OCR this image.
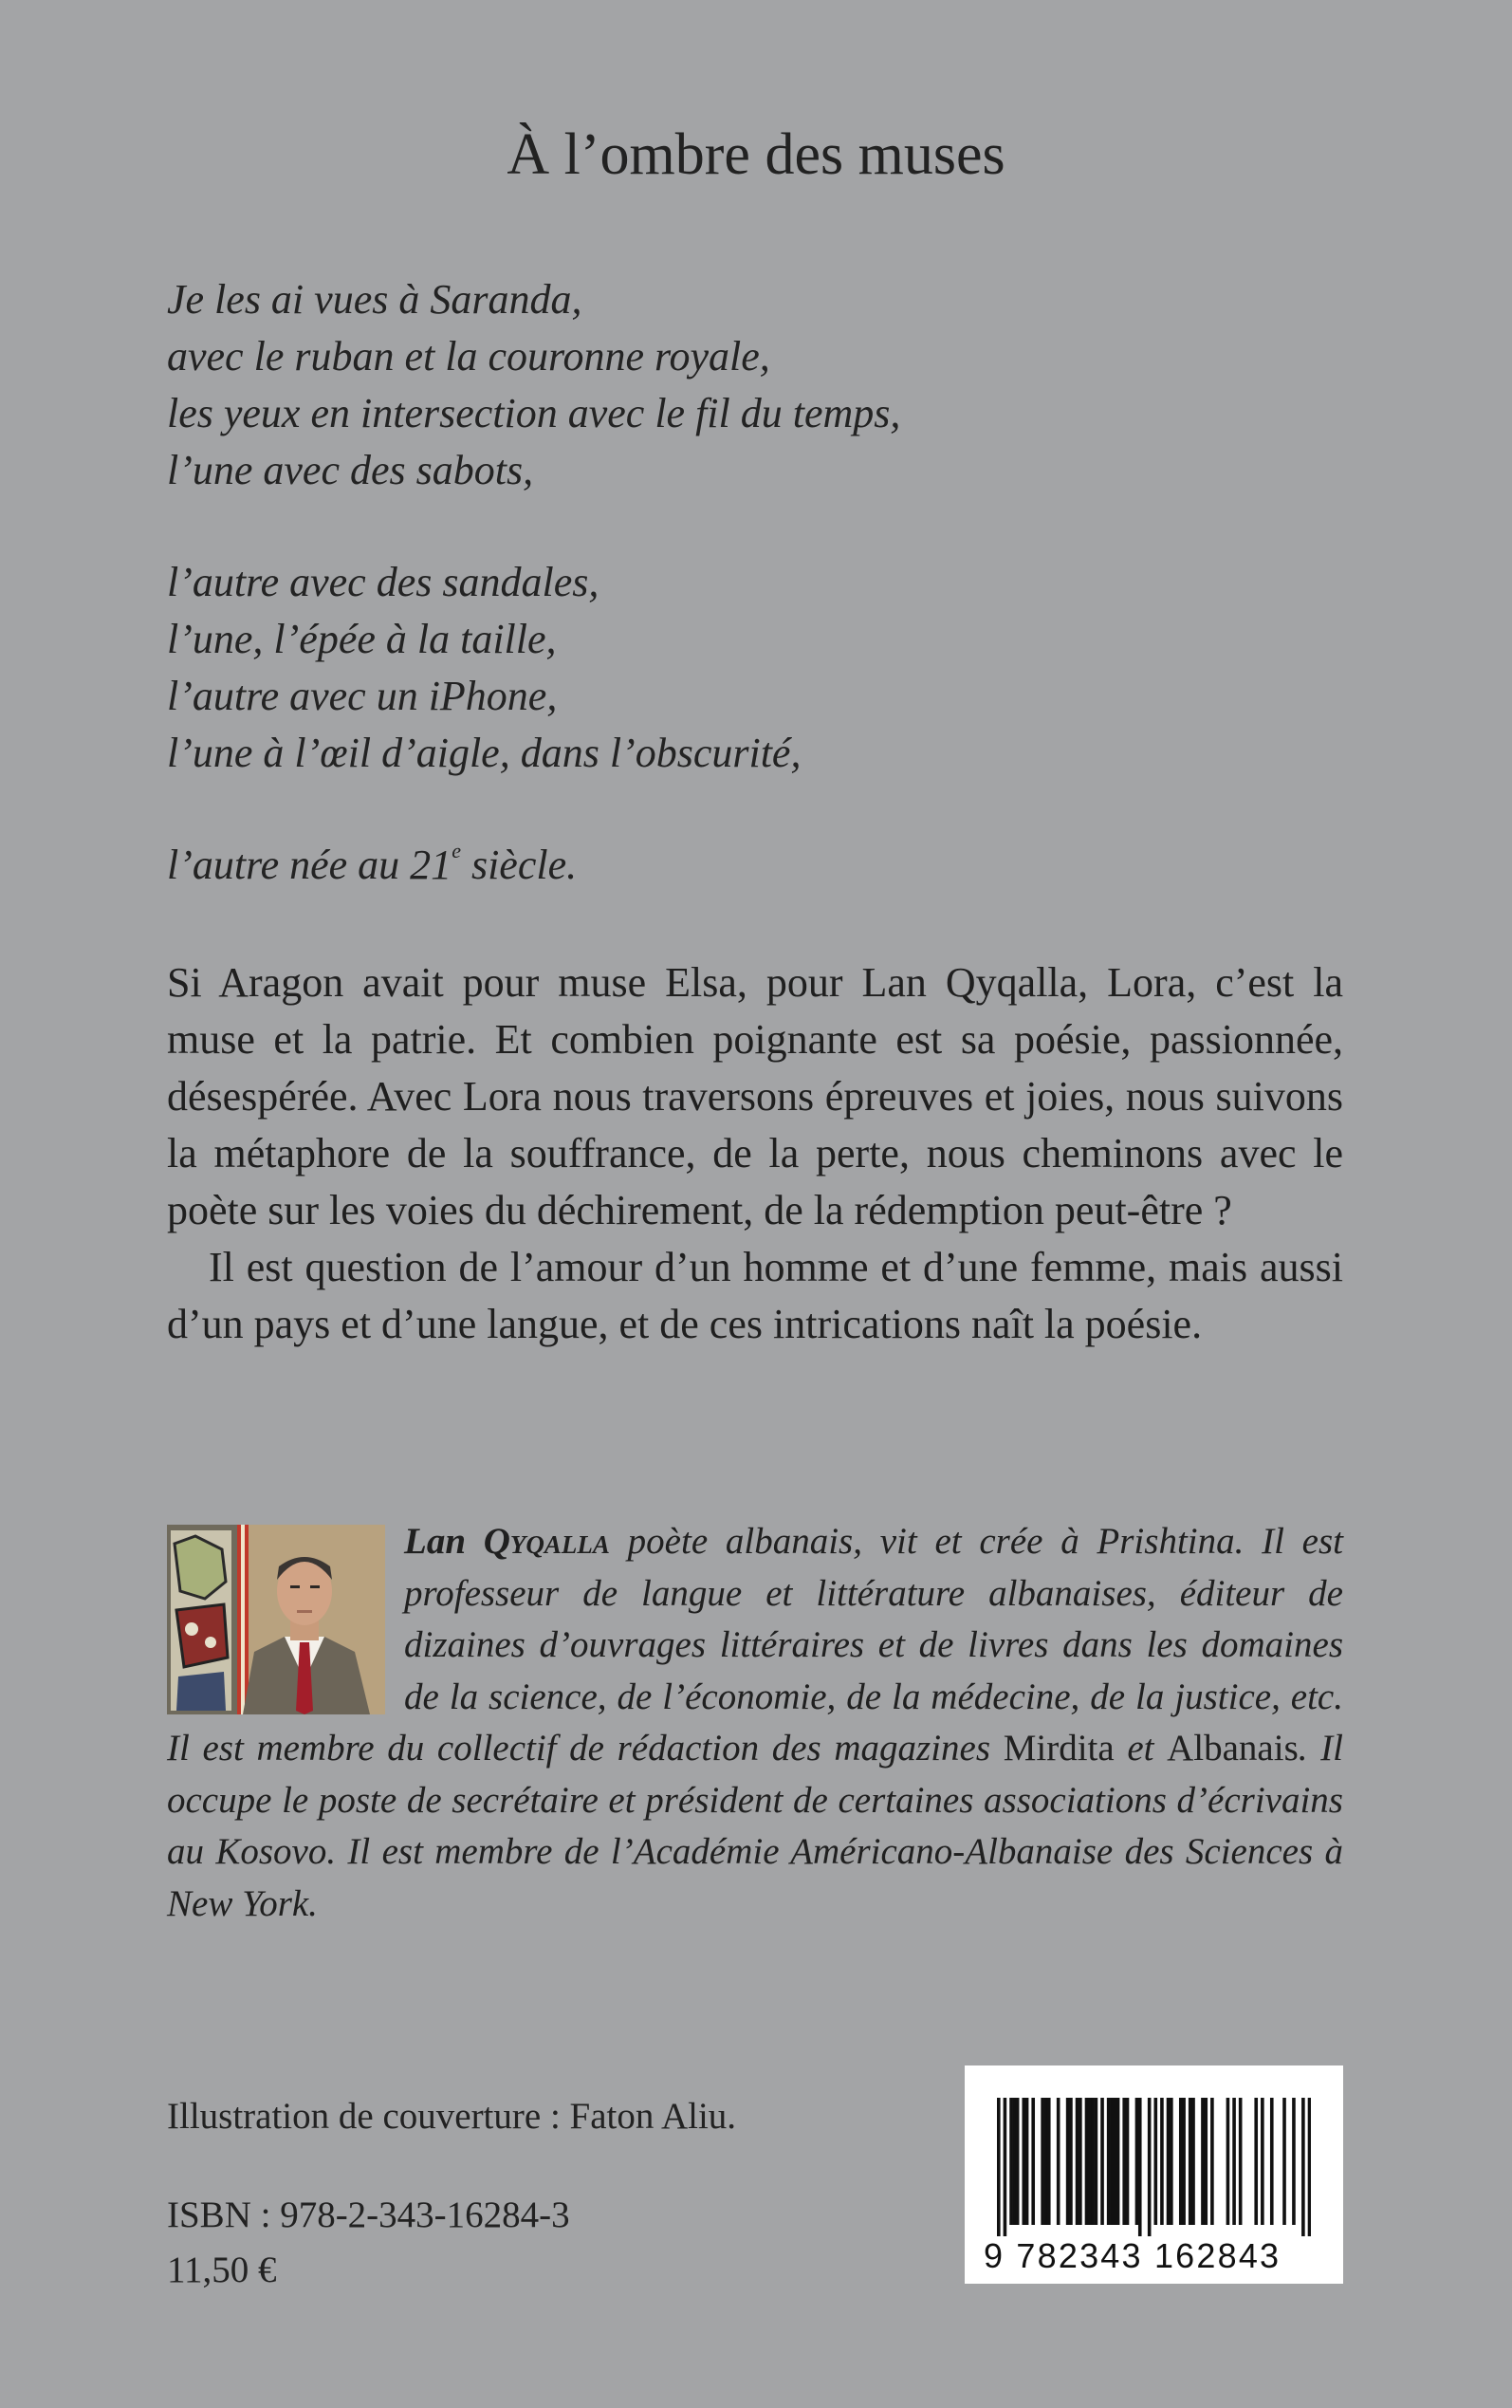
À l’ombre des muses
Je les ai vues à Saranda,
avec le ruban et la couronne royale,
les yeux en intersection avec le fil du temps,
l’une avec des sabots,
l’autre avec des sandales,
l’une, l’épée à la taille,
l’autre avec un iPhone,
l’une à l’œil d’aigle, dans l’obscurité,
l’autre née au 21e siècle.

Si Aragon avait pour muse Elsa, pour Lan Qyqalla, Lora, c’est la muse et la patrie. Et combien poignante est sa poésie, passionnée, désespérée. Avec Lora nous traversons épreuves et joies, nous suivons la métaphore de la souffrance, de la perte, nous cheminons avec le poète sur les voies du déchirement, de la rédemption peut-être ?

Il est question de l’amour d’un homme et d’une femme, mais aussi d’un pays et d’une langue, et de ces intrications naît la poésie.

Lan Qyqalla poète albanais, vit et crée à Prishtina. Il est professeur de langue et littérature albanaises, éditeur de dizaines d’ouvrages littéraires et de livres dans les domaines de la science, de l’économie, de la médecine, de la justice, etc. Il est membre du collectif de rédaction des magazines Mirdita et Albanais. Il occupe le poste de secrétaire et président de certaines associations d’écrivains au Kosovo. Il est membre de l’Académie Américano-Albanaise des Sciences à New York.
Illustration de couverture : Faton Aliu.
ISBN : 978-2-343-16284-3
11,50 €	9 782343 162843
